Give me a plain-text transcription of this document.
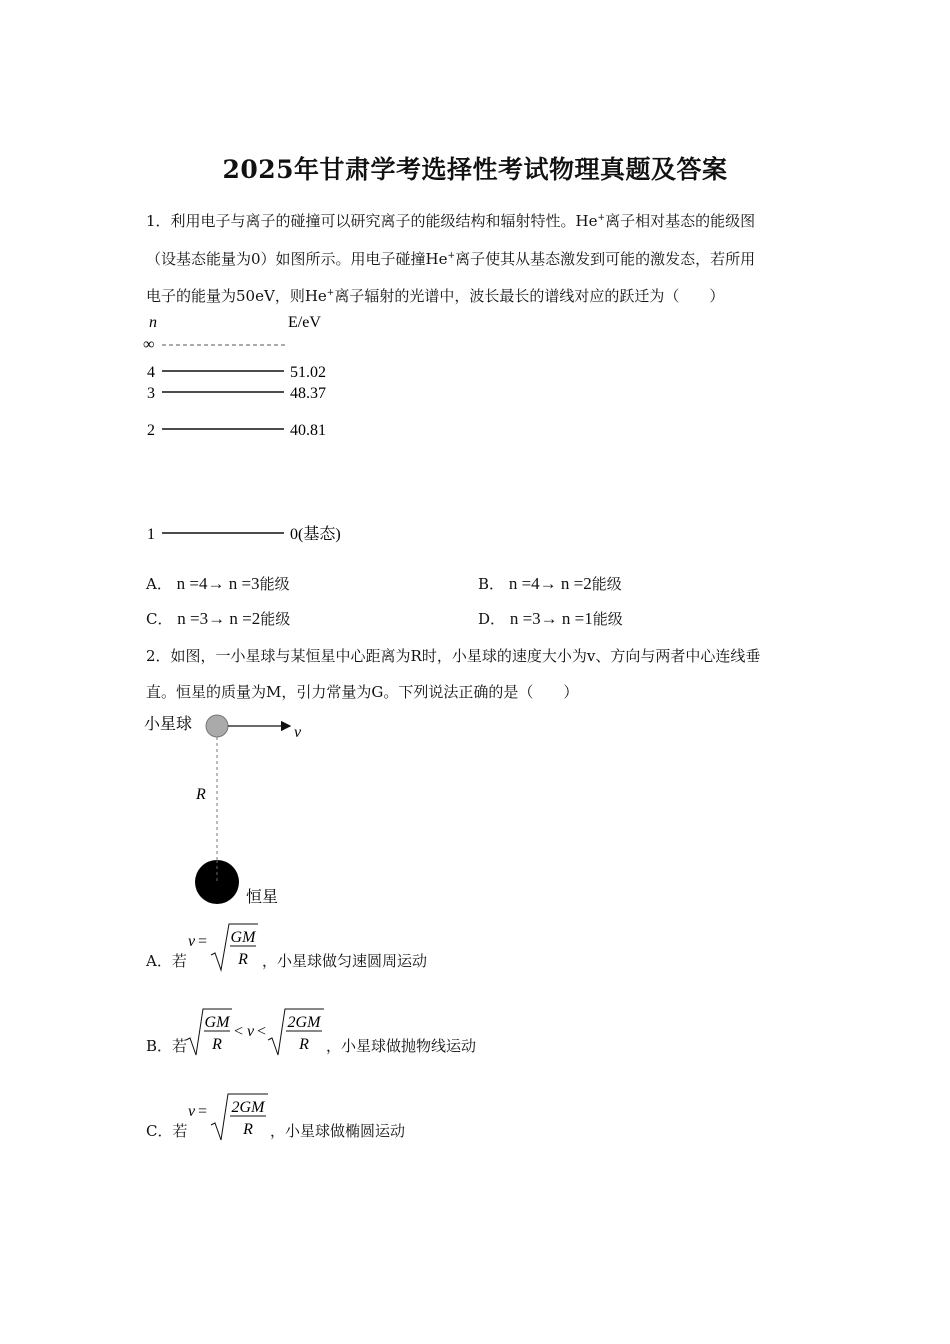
2025年甘肃学考选择性考试物理真题及答案
1．利用电子与离子的碰撞可以研究离子的能级结构和辐射特性。He+离子相对基态的能级图
（设基态能量为0）如图所示。用电子碰撞He+离子使其从基态激发到可能的激发态，若所用
电子的能量为50eV，则He+离子辐射的光谱中，波长最长的谱线对应的跃迁为（　　）
n	E/eV
∞
4	51.02
3	48.37
2	40.81
1	0(基态)
A． n =4→ n =3能级	B． n =4→ n =2能级
C． n =3→ n =2能级	D． n =3→ n =1能级
2．如图，一小星球与某恒星中心距离为R时，小星球的速度大小为v、方向与两者中心连线垂
直。恒星的质量为M，引力常量为G。下列说法正确的是（　　）
小星球	v
R
恒星
A．若
v = GM
R ，小星球做匀速圆周运动
B．若
GM
R
< v <
2GM
R ，小星球做抛物线运动
C．若
v = 2GM
R ，小星球做椭圆运动
